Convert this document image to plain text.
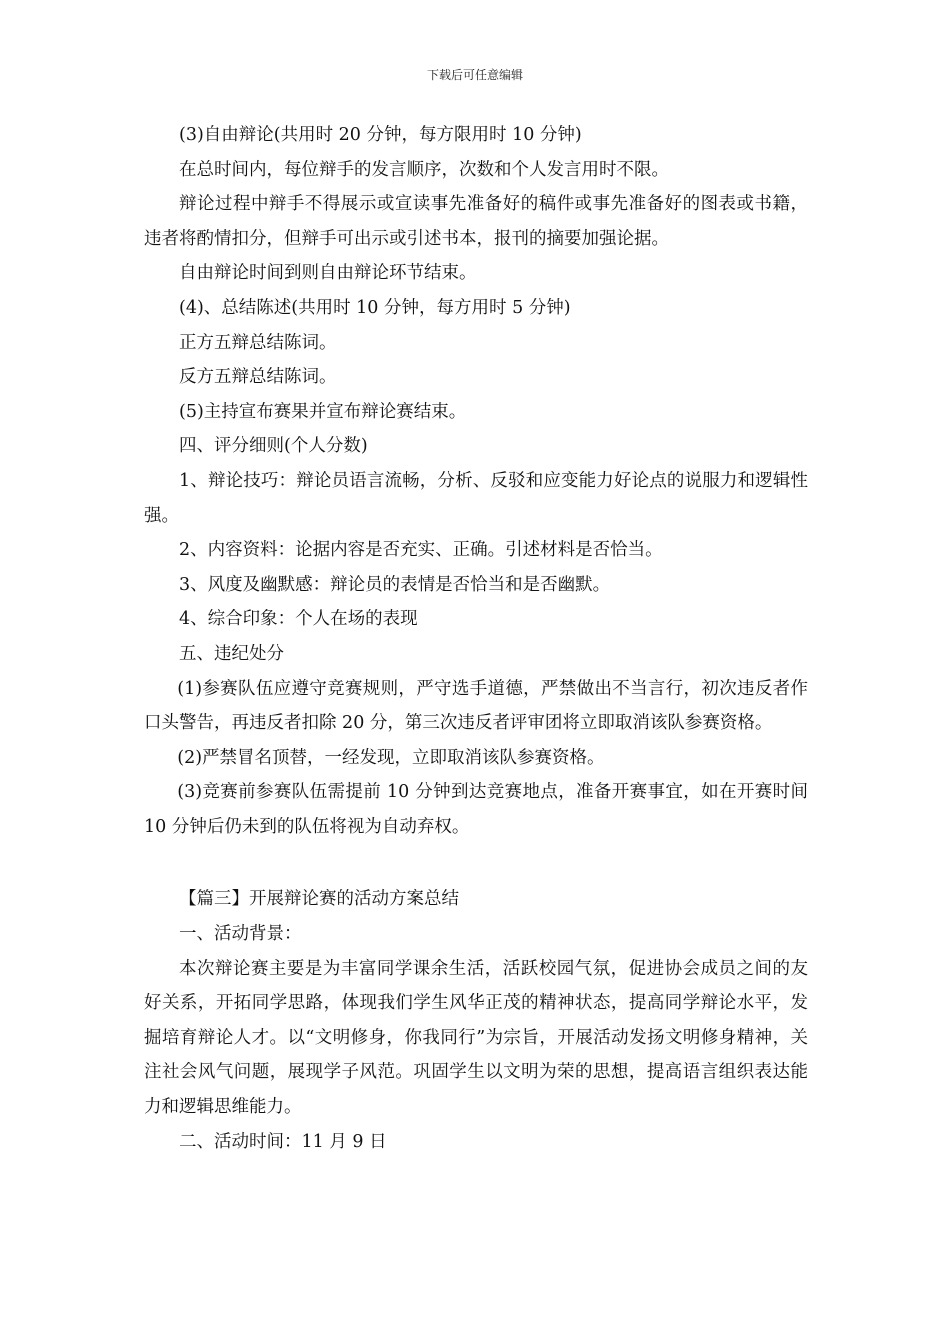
下载后可任意编辑

(3)自由辩论(共用时 20 分钟，每方限用时 10 分钟)

在总时间内，每位辩手的发言顺序，次数和个人发言用时不限。

辩论过程中辩手不得展示或宣读事先准备好的稿件或事先准备好的图表或书籍，违者将酌情扣分，但辩手可出示或引述书本，报刊的摘要加强论据。

自由辩论时间到则自由辩论环节结束。

(4)、总结陈述(共用时 10 分钟，每方用时 5 分钟)

正方五辩总结陈词。

反方五辩总结陈词。

(5)主持宣布赛果并宣布辩论赛结束。

四、评分细则(个人分数)

1、辩论技巧：辩论员语言流畅，分析、反驳和应变能力好论点的说服力和逻辑性强。

2、内容资料：论据内容是否充实、正确。引述材料是否恰当。

3、风度及幽默感：辩论员的表情是否恰当和是否幽默。

4、综合印象：个人在场的表现

五、违纪处分

(1)参赛队伍应遵守竞赛规则，严守选手道德，严禁做出不当言行，初次违反者作口头警告，再违反者扣除 20 分，第三次违反者评审团将立即取消该队参赛资格。

(2)严禁冒名顶替，一经发现，立即取消该队参赛资格。

(3)竞赛前参赛队伍需提前 10 分钟到达竞赛地点，准备开赛事宜，如在开赛时间 10 分钟后仍未到的队伍将视为自动弃权。

【篇三】开展辩论赛的活动方案总结

一、活动背景：

本次辩论赛主要是为丰富同学课余生活，活跃校园气氛，促进协会成员之间的友好关系，开拓同学思路，体现我们学生风华正茂的精神状态，提高同学辩论水平，发掘培育辩论人才。以“文明修身，你我同行”为宗旨，开展活动发扬文明修身精神，关注社会风气问题，展现学子风范。巩固学生以文明为荣的思想，提高语言组织表达能力和逻辑思维能力。

二、活动时间：11 月 9 日
